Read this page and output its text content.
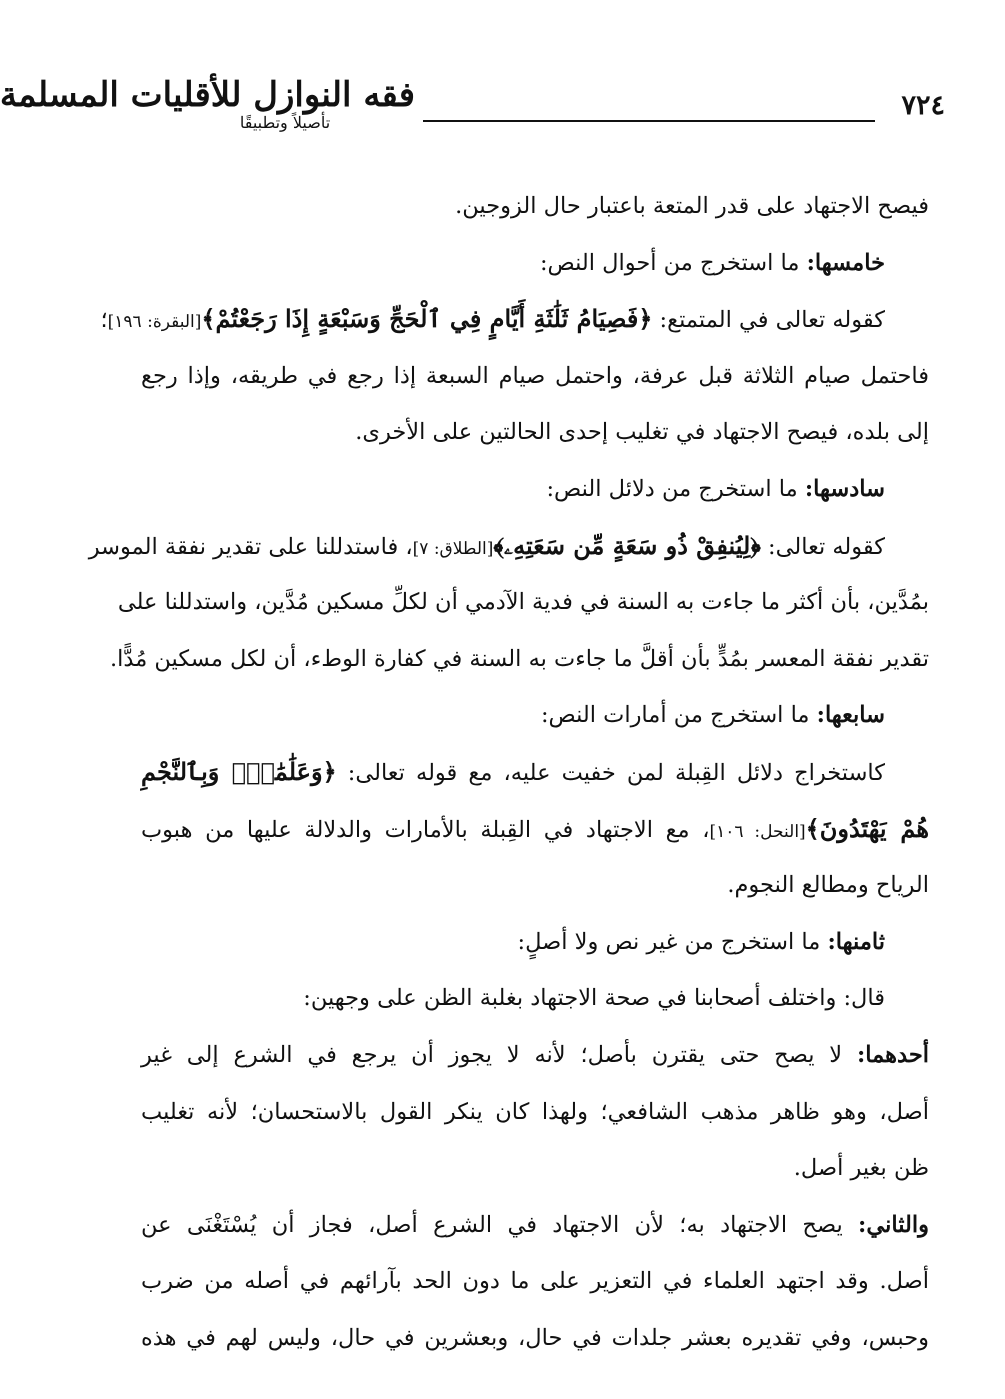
٧٢٤
فقه النوازل للأقليات المسلمة
تأصيلاً وتطبيقًا
فيصح الاجتهاد على قدر المتعة باعتبار حال الزوجين.
خامسها: ما استخرج من أحوال النص:
كقوله تعالى في المتمتع: ﴿فَصِيَامُ ثَلَٰثَةِ أَيَّامٍ فِي ٱلْحَجِّ وَسَبْعَةٍ إِذَا رَجَعْتُمْ﴾[البقرة: ١٩٦]؛
فاحتمل صيام الثلاثة قبل عرفة، واحتمل صيام السبعة إذا رجع في طريقه، وإذا رجع
إلى بلده، فيصح الاجتهاد في تغليب إحدى الحالتين على الأخرى.
سادسها: ما استخرج من دلائل النص:
كقوله تعالى: ﴿لِيُنفِقْ ذُو سَعَةٍ مِّن سَعَتِهِۦ﴾[الطلاق: ٧]، فاستدللنا على تقدير نفقة الموسر
بمُدَّين، بأن أكثر ما جاءت به السنة في فدية الآدمي أن لكلِّ مسكين مُدَّين، واستدللنا على
تقدير نفقة المعسر بمُدٍّ بأن أقلَّ ما جاءت به السنة في كفارة الوطء، أن لكل مسكين مُدًّا.
سابعها: ما استخرج من أمارات النص:
كاستخراج دلائل القِبلة لمن خفيت عليه، مع قوله تعالى: ﴿وَعَلَٰمَٰتٍۚ وَبِٱلنَّجْمِ
هُمْ يَهْتَدُونَ﴾[النحل: ١٠٦]، مع الاجتهاد في القِبلة بالأمارات والدلالة عليها من هبوب
الرياح ومطالع النجوم.
ثامنها: ما استخرج من غير نص ولا أصلٍ:
قال: واختلف أصحابنا في صحة الاجتهاد بغلبة الظن على وجهين:
أحدهما: لا يصح حتى يقترن بأصل؛ لأنه لا يجوز أن يرجع في الشرع إلى غير
أصل، وهو ظاهر مذهب الشافعي؛ ولهذا كان ينكر القول بالاستحسان؛ لأنه تغليب
ظن بغير أصل.
والثاني: يصح الاجتهاد به؛ لأن الاجتهاد في الشرع أصل، فجاز أن يُسْتَغْنَى عن
أصل. وقد اجتهد العلماء في التعزير على ما دون الحد بآرائهم في أصله من ضرب
وحبس، وفي تقديره بعشر جلدات في حال، وبعشرين في حال، وليس لهم في هذه
